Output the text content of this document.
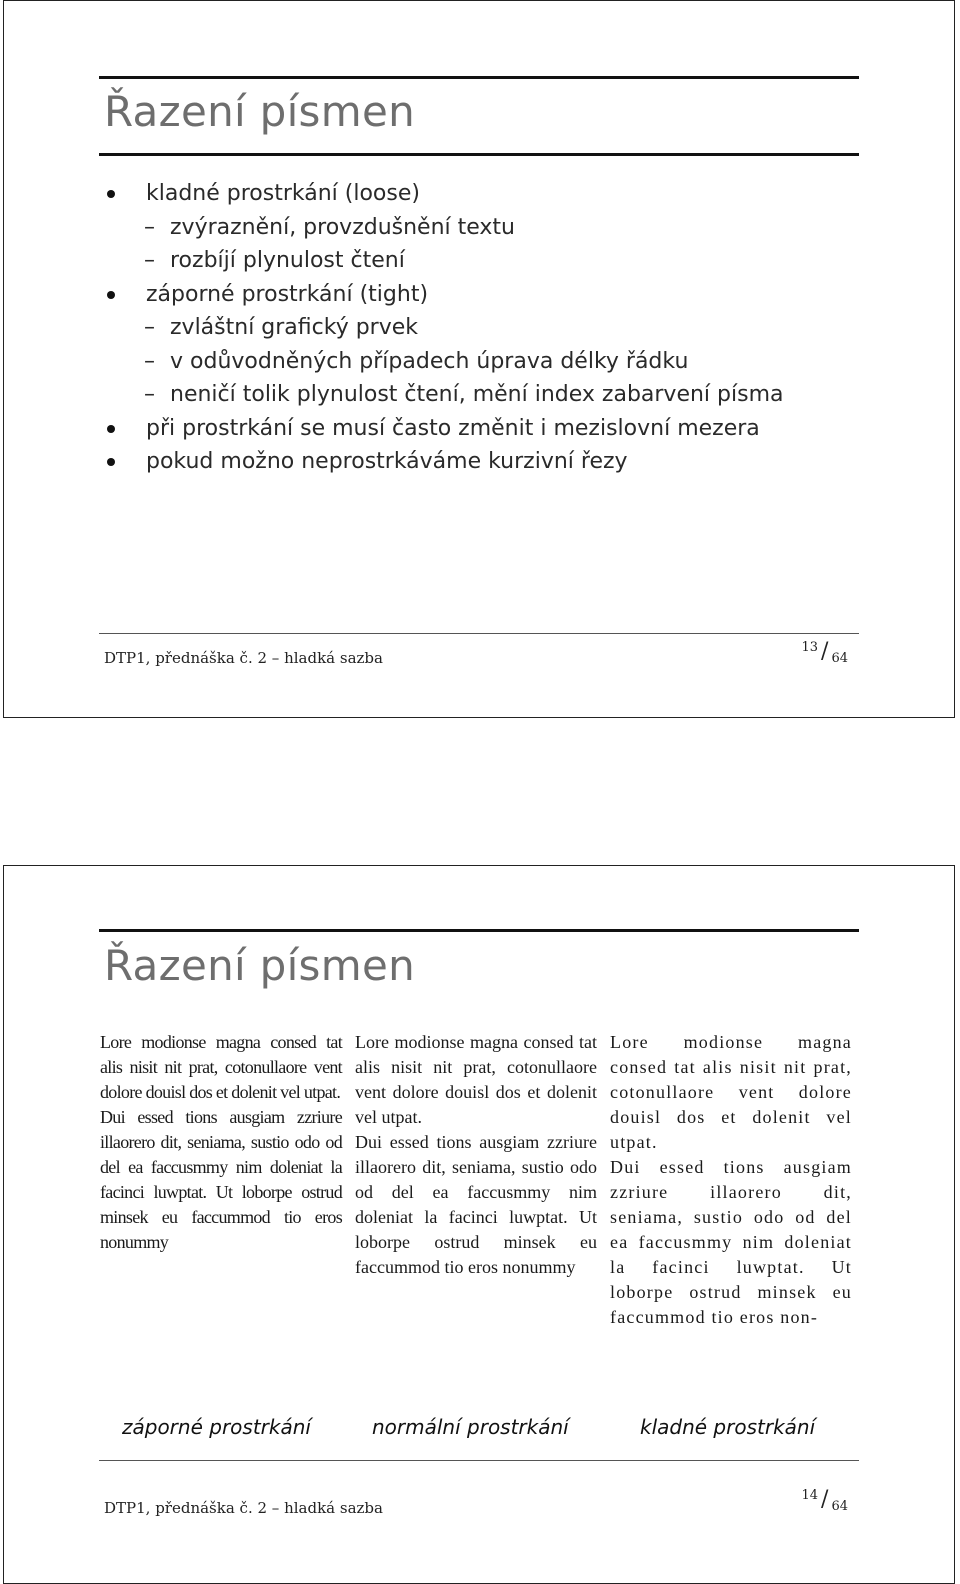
Řazení písmen
kladné prostrkání (loose)
– zvýraznění, provzdušnění textu
– rozbíjí plynulost čtení
záporné prostrkání (tight)
– zvláštní grafický prvek
– v odůvodněných případech úprava délky řádku
– neničí tolik plynulost čtení, mění index zabarvení písma
při prostrkání se musí často změnit i mezislovní mezera
pokud možno neprostrkáváme kurzivní řezy
DTP1, přednáška č. 2 – hladká sazba
$^{13}$ / $_{64}$
Řazení písmen
DTP1, přednáška č. 2 – hladká sazba
$^{14}$ / $_{64}$

Lore modionse magna consed tat alis nisit nit prat, cotonullaore vent dolore douisl dos et dolenit vel utpat.

Dui essed tions ausgiam zzriure illaorero dit, seniama, sustio odo od del ea faccusmmy nim doleniat la facinci luwptat. Ut loborpe ostrud minsek eu faccummod tio eros nonummy

Lore modionse magna consed tat alis nisit nit prat, cotonullaore vent dolore douisl dos et dolenit vel utpat.

Dui essed tions ausgiam zzriure illaorero dit, seniama, sustio odo od del ea faccusmmy nim doleniat la facinci luwptat. Ut loborpe ostrud minsek eu faccummod tio eros nonummy

Lore modionse magna consed tat alis nisit nit prat, cotonullaore vent dolore douisl dos et dolenit vel utpat.

Dui essed tions ausgiam zzriure illaorero dit, seniama, sustio odo od del ea faccusmmy nim doleniat la facinci luwptat. Ut loborpe ostrud minsek eu faccummod tio eros non-

záporné prostrkání	normální prostrkání	kladné prostrkání
